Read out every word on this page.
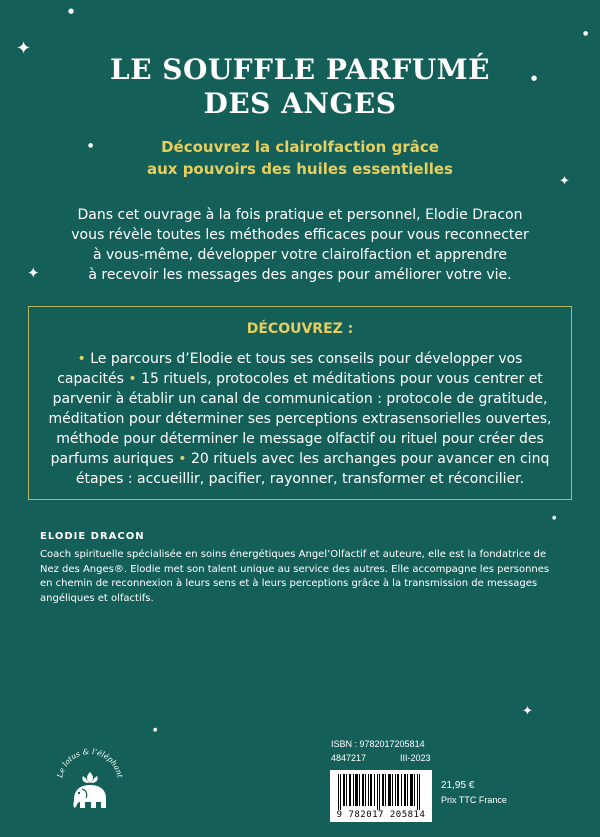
✦
●
●
●
●
✦
✦
●
●
✦
LE SOUFFLE PARFUMÉ
DES ANGES

Découvrez la clairolfaction grâce

aux pouvoirs des huiles essentielles

Dans cet ouvrage à la fois pratique et personnel, Elodie Dracon

vous révèle toutes les méthodes efficaces pour vous reconnecter

à vous-même, développer votre clairolfaction et apprendre

à recevoir les messages des anges pour améliorer votre vie.

DÉCOUVREZ :

• Le parcours d’Elodie et tous ses conseils pour développer vos capacités • 15 rituels, protocoles et méditations pour vous centrer et parvenir à établir un canal de communication : protocole de gratitude, méditation pour déterminer ses perceptions extrasensorielles ouvertes, méthode pour déterminer le message olfactif ou rituel pour créer des parfums auriques • 20 rituels avec les archanges pour avancer en cinq étapes : accueillir, pacifier, rayonner, transformer et réconcilier.

ELODIE DRACON

Coach spirituelle spécialisée en soins énergétiques Angel’Olfactif et auteure, elle est la fondatrice de Nez des Anges®. Elodie met son talent unique au service des autres. Elle accompagne les personnes en chemin de reconnexion à leurs sens et à leurs perceptions grâce à la transmission de messages angéliques et olfactifs.

Le lotus & l’éléphant

ISBN : 9782017205814

4847217	III-2023

9 782017 205814

21,95 €

Prix TTC France
